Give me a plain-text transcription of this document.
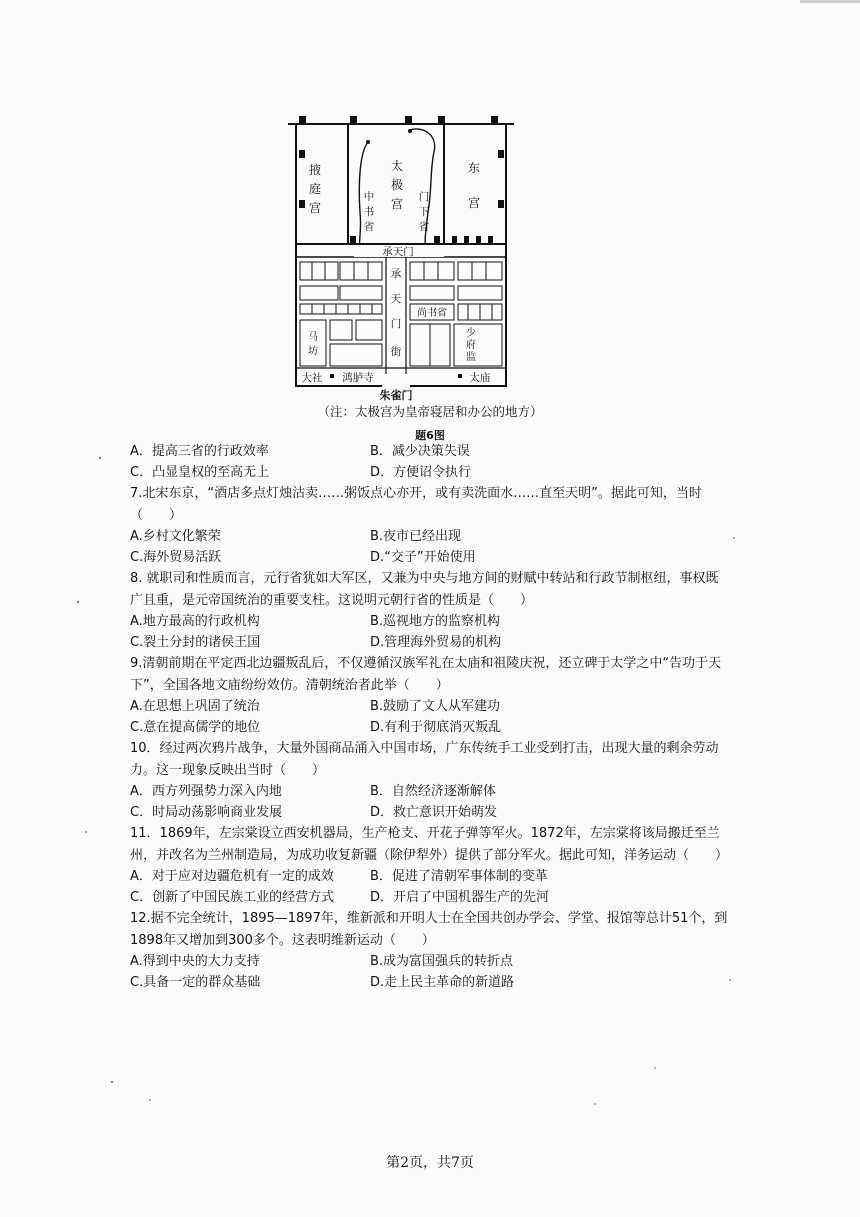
掖
庭
宫
太
极
宫
东
宫
中
书
省
门
下
省
承天门
承
天
门
街
尚书省
马
坊
少
府
监
大社 鸿胪寺	太庙
朱雀门
（注：太极宫为皇帝寝居和办公的地方）
题6图
A．提高三省的行政效率	B．减少决策失误
C．凸显皇权的至高无上	D．方便诏令执行
7.北宋东京，“酒店多点灯烛沽卖……粥饭点心亦开，或有卖洗面水……直至天明”。据此可知，当时（　　）
A.乡村文化繁荣	B.夜市已经出现
C.海外贸易活跃	D.“交子”开始使用
8. 就职司和性质而言，元行省犹如大军区，又兼为中央与地方间的财赋中转站和行政节制枢纽，事权既广且重，是元帝国统治的重要支柱。这说明元朝行省的性质是（　　）
A.地方最高的行政机构	B.巡视地方的监察机构
C.裂土分封的诸侯王国	D.管理海外贸易的机构
9.清朝前期在平定西北边疆叛乱后，不仅遵循汉族军礼在太庙和祖陵庆祝，还立碑于太学之中“告功于天下”，全国各地文庙纷纷效仿。清朝统治者此举（　　）
A.在思想上巩固了统治	B.鼓励了文人从军建功
C.意在提高儒学的地位	D.有利于彻底消灭叛乱
10．经过两次鸦片战争，大量外国商品涌入中国市场，广东传统手工业受到打击，出现大量的剩余劳动力。这一现象反映出当时（　　）
A．西方列强势力深入内地	B．自然经济逐渐解体
C．时局动荡影响商业发展	D．救亡意识开始萌发
11．1869年，左宗棠设立西安机器局，生产枪支、开花子弹等军火。1872年，左宗棠将该局搬迁至兰州，并改名为兰州制造局，为成功收复新疆（除伊犁外）提供了部分军火。据此可知，洋务运动（　　）
A．对于应对边疆危机有一定的成效	B．促进了清朝军事体制的变革
C．创新了中国民族工业的经营方式	D．开启了中国机器生产的先河
12.据不完全统计，1895—1897年，维新派和开明人士在全国共创办学会、学堂、报馆等总计51个，到1898年又增加到300多个。这表明维新运动（　　）
A.得到中央的大力支持	B.成为富国强兵的转折点
C.具备一定的群众基础	D.走上民主革命的新道路
第2页，共7页
